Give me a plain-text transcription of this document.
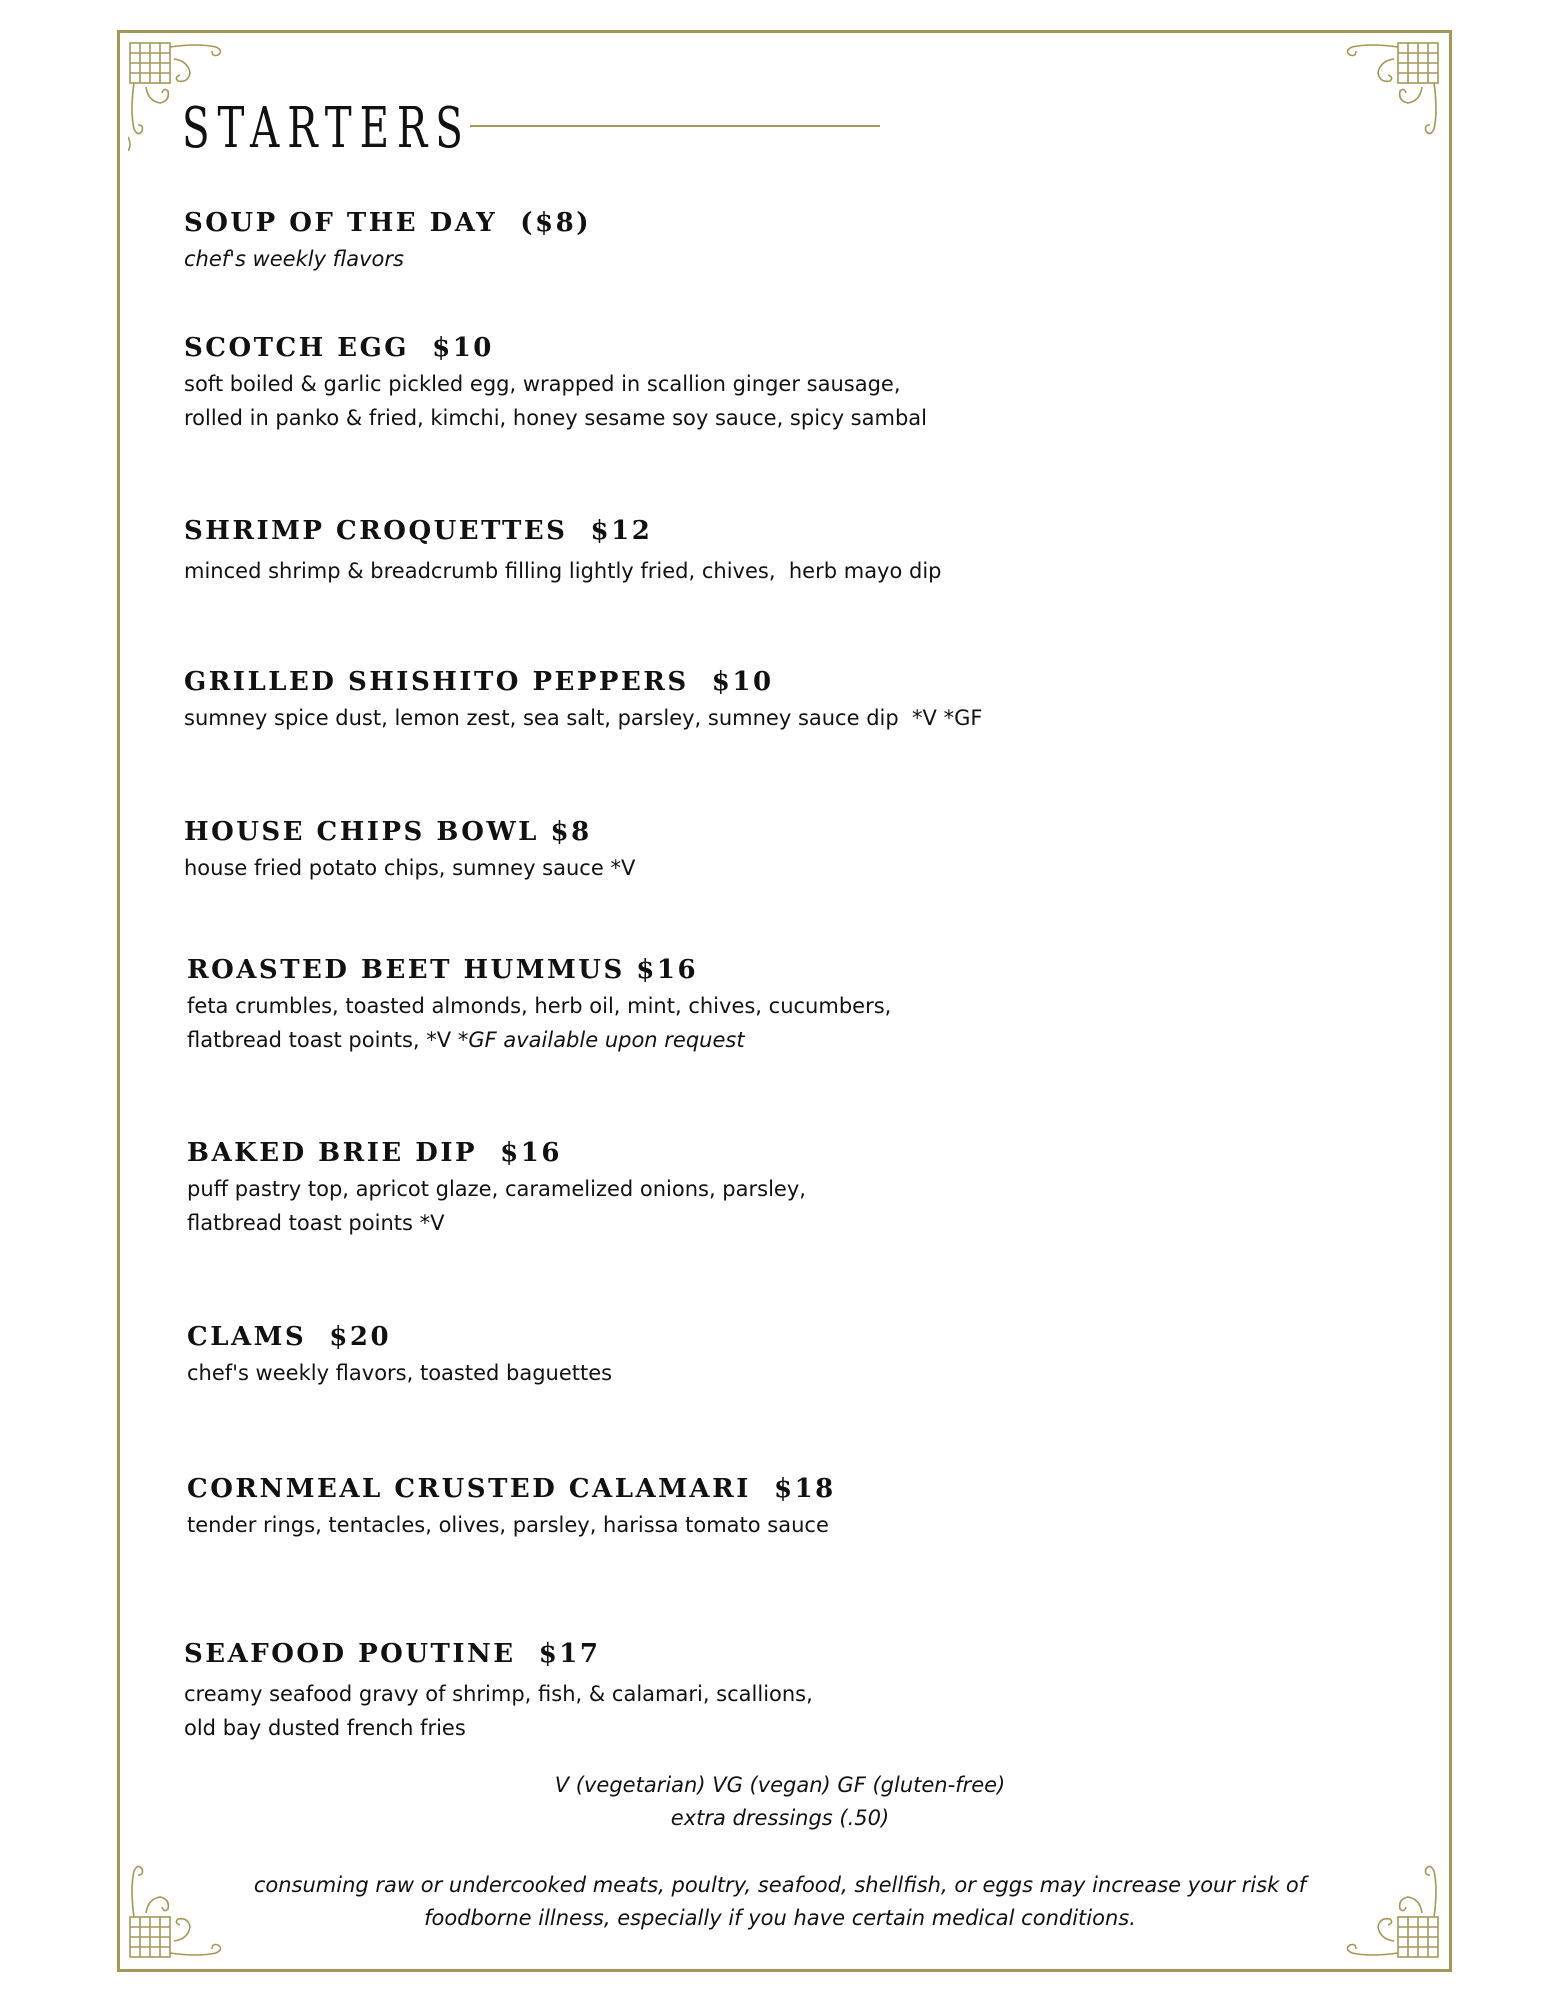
STARTERS
SOUP OF THE DAY  ($8)
chef's weekly flavors
SCOTCH EGG  $10
soft boiled & garlic pickled egg, wrapped in scallion ginger sausage,
rolled in panko & fried, kimchi, honey sesame soy sauce, spicy sambal
SHRIMP CROQUETTES  $12
minced shrimp & breadcrumb filling lightly fried, chives,  herb mayo dip
GRILLED SHISHITO PEPPERS  $10
sumney spice dust, lemon zest, sea salt, parsley, sumney sauce dip  *V *GF
HOUSE CHIPS BOWL $8
house fried potato chips, sumney sauce *V
ROASTED BEET HUMMUS $16
feta crumbles, toasted almonds, herb oil, mint, chives, cucumbers,
flatbread toast points, *V *GF available upon request
BAKED BRIE DIP  $16
puff pastry top, apricot glaze, caramelized onions, parsley,
flatbread toast points *V
CLAMS  $20
chef's weekly flavors, toasted baguettes
CORNMEAL CRUSTED CALAMARI  $18
tender rings, tentacles, olives, parsley, harissa tomato sauce
SEAFOOD POUTINE  $17
creamy seafood gravy of shrimp, fish, & calamari, scallions,
old bay dusted french fries
V (vegetarian) VG (vegan) GF (gluten-free)
extra dressings (.50)
consuming raw or undercooked meats, poultry, seafood, shellfish, or eggs may increase your risk of
foodborne illness, especially if you have certain medical conditions.
